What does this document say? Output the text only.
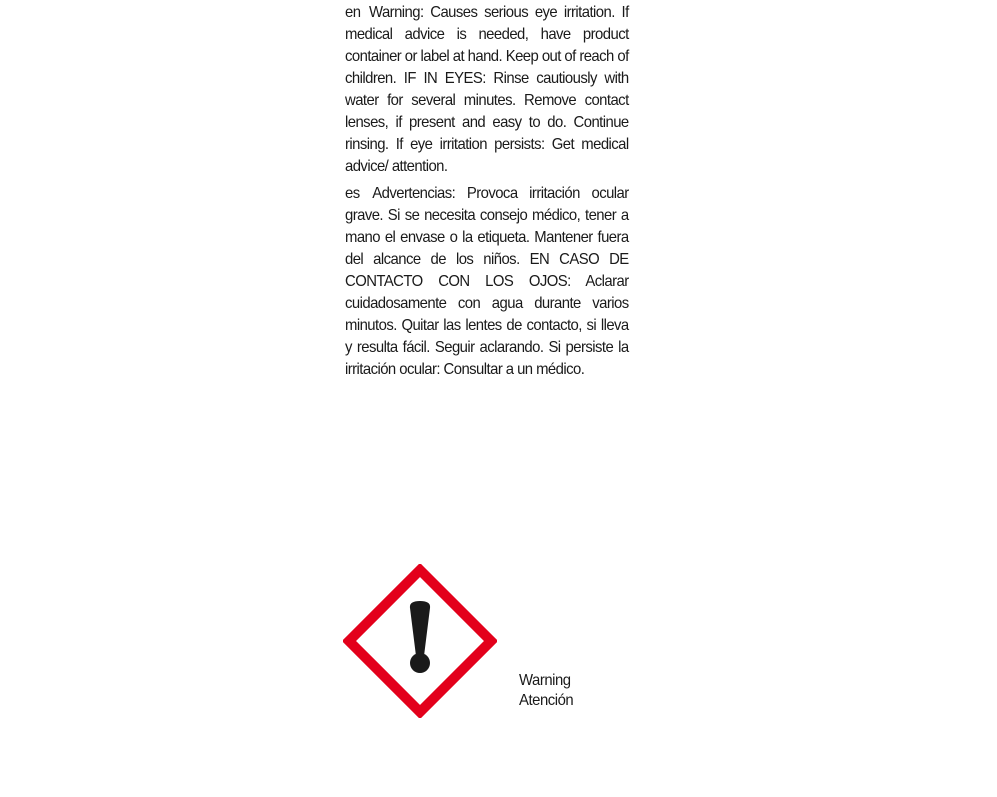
en Warning: Causes serious eye irritation. If medical advice is needed, have product container or label at hand. Keep out of reach of children. IF IN EYES: Rinse cautiously with water for several minutes. Remove contact lenses, if present and easy to do. Continue rinsing. If eye irritation persists: Get medical advice/ attention.

es Advertencias: Provoca irritación ocular grave. Si se necesita consejo médico, tener a mano el envase o la etiqueta. Mantener fuera del alcance de los niños. EN CASO DE CONTACTO CON LOS OJOS: Aclarar cuidadosamente con agua durante varios minutos. Quitar las lentes de contacto, si lleva y resulta fácil. Seguir aclarando. Si persiste la irritación ocular: Consultar a un médico.

Warning
Atención
